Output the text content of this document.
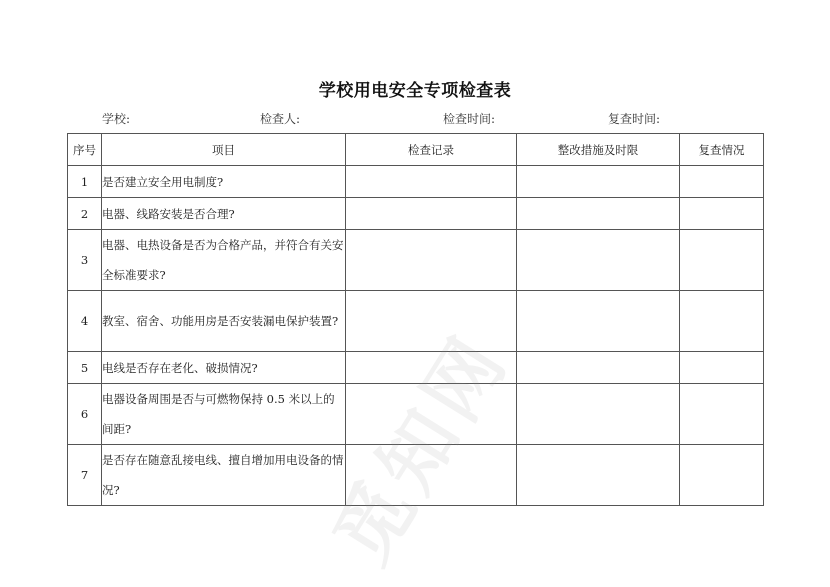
学校用电安全专项检查表
学校:	检查人:	检查时间:	复查时间:
序号	项目	检查记录	整改措施及时限	复查情况
1	是否建立安全用电制度?			
2	电器、线路安装是否合理?			
3	电器、电热设备是否为合格产品，并符合有关安全标准要求?			
4	教室、宿舍、功能用房是否安装漏电保护装置?			
5	电线是否存在老化、破损情况?			
6	电器设备周围是否与可燃物保持 0.5 米以上的间距?			
7	是否存在随意乱接电线、擅自增加用电设备的情况?				觅知网
